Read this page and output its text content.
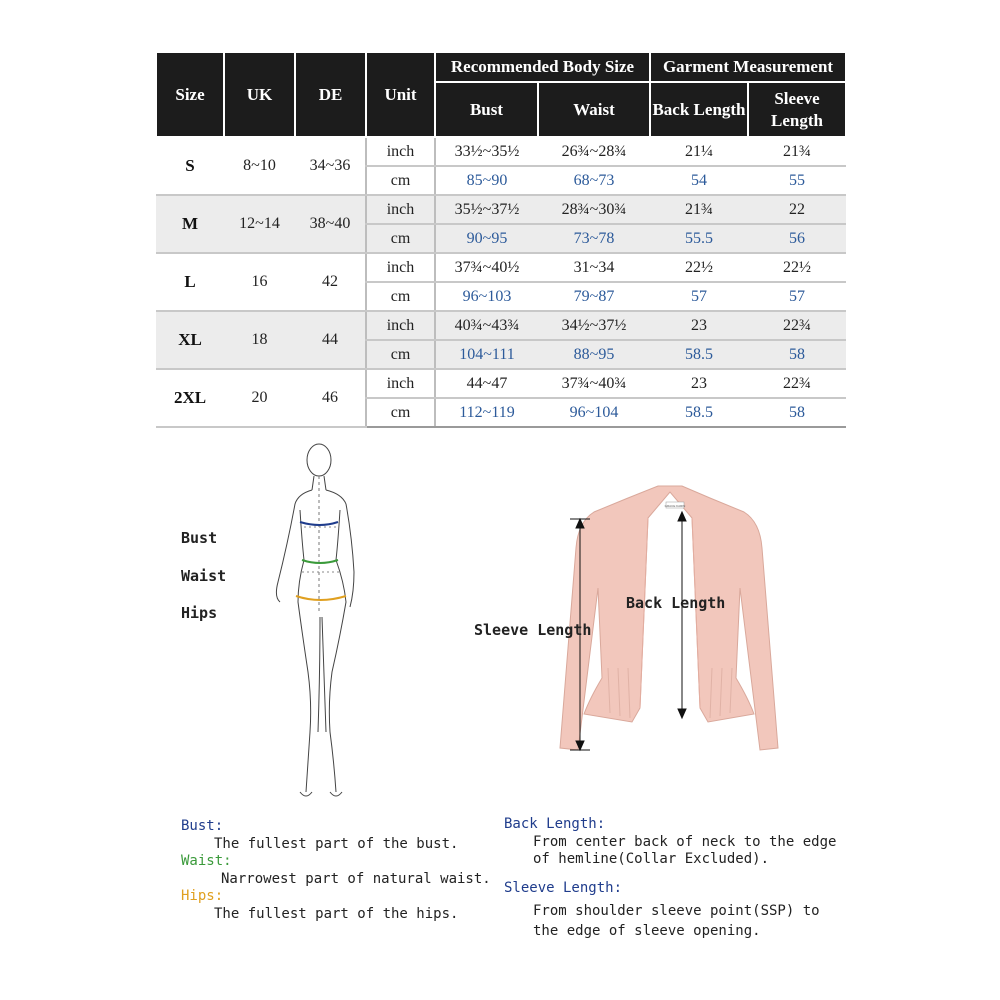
Size	UK	DE	Unit	Recommended Body Size		Garment Measurement	
				Bust	Waist	Back Length	Sleeve Length
S	8~10	34~36	inch	33½~35½	26¾~28¾	21¼	21¾
			cm	85~90	68~73	54	55
M	12~14	38~40	inch	35½~37½	28¾~30¾	21¾	22
			cm	90~95	73~78	55.5	56
L	16	42	inch	37¾~40½	31~34	22½	22½
			cm	96~103	79~87	57	57
XL	18	44	inch	40¾~43¾	34½~37½	23	22¾
			cm	104~111	88~95	58.5	58
2XL	20	46	inch	44~47	37¾~40¾	23	22¾
			cm	112~119	96~104	58.5	58
Bust
Waist
Hips
GRACE KARIN
Back Length
Sleeve Length
Bust:
The fullest part of the bust.
Waist:
Narrowest part of natural waist.
Hips:
The fullest part of the hips.
Back Length:
From center back of neck to the edge
of hemline(Collar Excluded).
Sleeve Length:
From shoulder sleeve point(SSP) to
the edge of sleeve opening.
